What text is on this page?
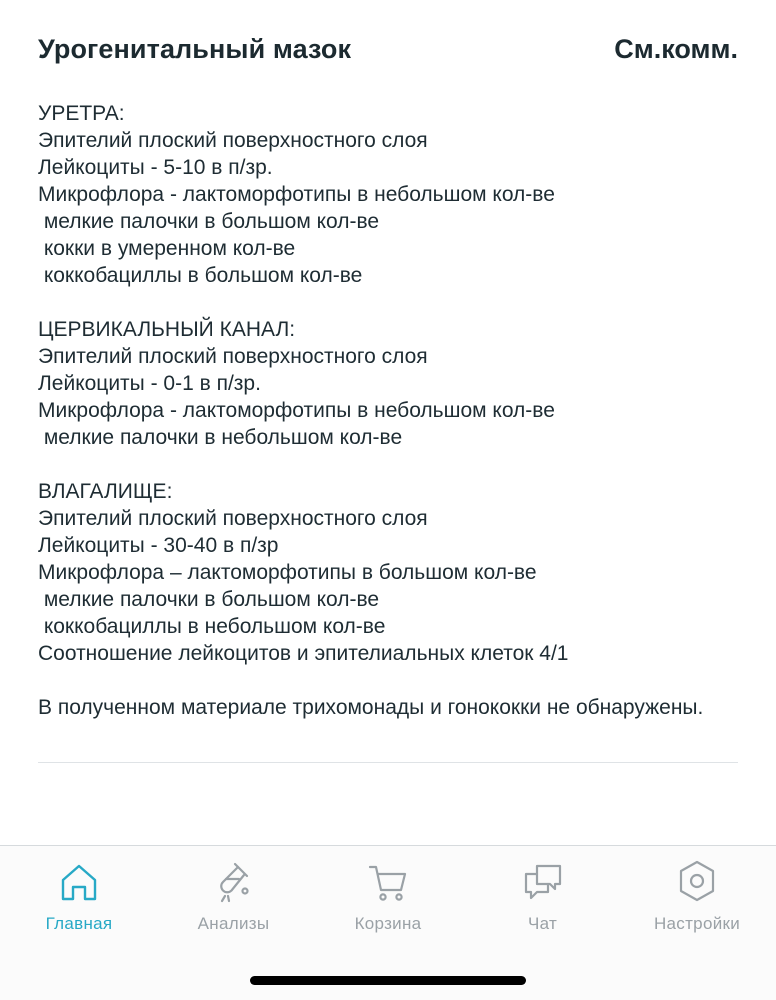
Урогенитальный мазок	См.комм.
УРЕТРА:
Эпителий плоский поверхностного слоя
Лейкоциты - 5-10 в п/зр.
Микрофлора - лактоморфотипы в небольшом кол-ве
мелкие палочки в большом кол-ве
кокки в умеренном кол-ве
коккобациллы в большом кол-ве
ЦЕРВИКАЛЬНЫЙ КАНАЛ:
Эпителий плоский поверхностного слоя
Лейкоциты - 0-1 в п/зр.
Микрофлора - лактоморфотипы в небольшом кол-ве
мелкие палочки в небольшом кол-ве
ВЛАГАЛИЩЕ:
Эпителий плоский поверхностного слоя
Лейкоциты - 30-40 в п/зр
Микрофлора – лактоморфотипы в большом кол-ве
мелкие палочки в большом кол-ве
коккобациллы в небольшом кол-ве
Соотношение лейкоцитов и эпителиальных клеток 4/1
В полученном материале трихомонады и гонококки не обнаружены.
Главная	Анализы	Корзина	Чат	Настройки
